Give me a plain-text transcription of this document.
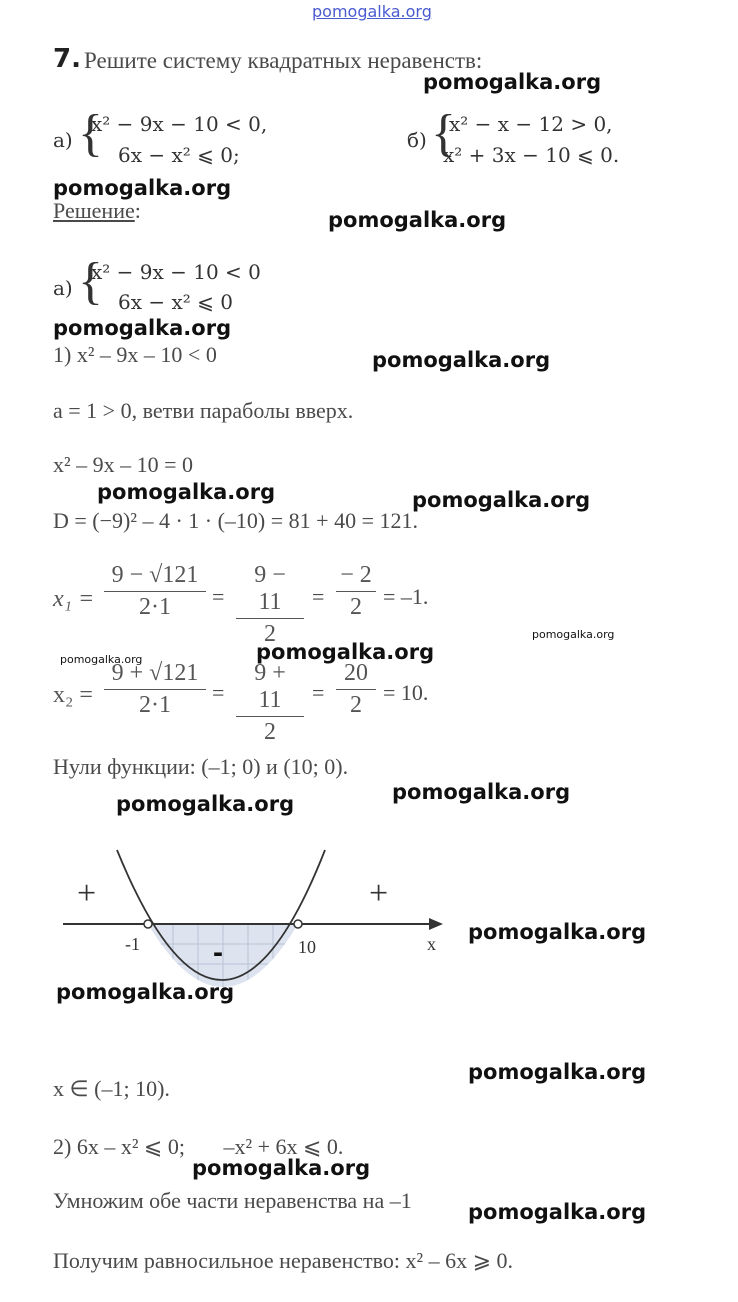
pomogalka.org
7. Решите систему квадратных неравенств:
pomogalka.org
а) {
x² − 9x − 10 < 0,
6x − x² ⩽ 0;
б) {
x² − x − 12 > 0,
x² + 3x − 10 ⩽ 0.
pomogalka.org
Решение:	pomogalka.org
а) {
x² − 9x − 10 < 0
6x − x² ⩽ 0
pomogalka.org
1) x² – 9x – 10 < 0	pomogalka.org
a = 1 > 0, ветви параболы вверх.
x² – 9x – 10 = 0
pomogalka.org	pomogalka.org
D = (−9)² – 4 · 1 · (–10) = 81 + 40 = 121.
x₁ =
9 − √121
2·1	=
9 − 11
2
=
− 2
2 = –1.
pomogalka.org
pomogalka.org
pomogalka.org
x₂ =
9 + √121
2·1	=
9 + 11
2
=
20
2 = 10.
Нули функции: (–1; 0) и (10; 0).
pomogalka.org
pomogalka.org
+	+
-
-1	10	x pomogalka.org
pomogalka.org
pomogalka.org
x ∈ (–1; 10).
2) 6x – x² ⩽ 0;       –x² + 6x ⩽ 0.
pomogalka.org
Умножим обе части неравенства на –1	pomogalka.org
Получим равносильное неравенство: x² – 6x ⩾ 0.
